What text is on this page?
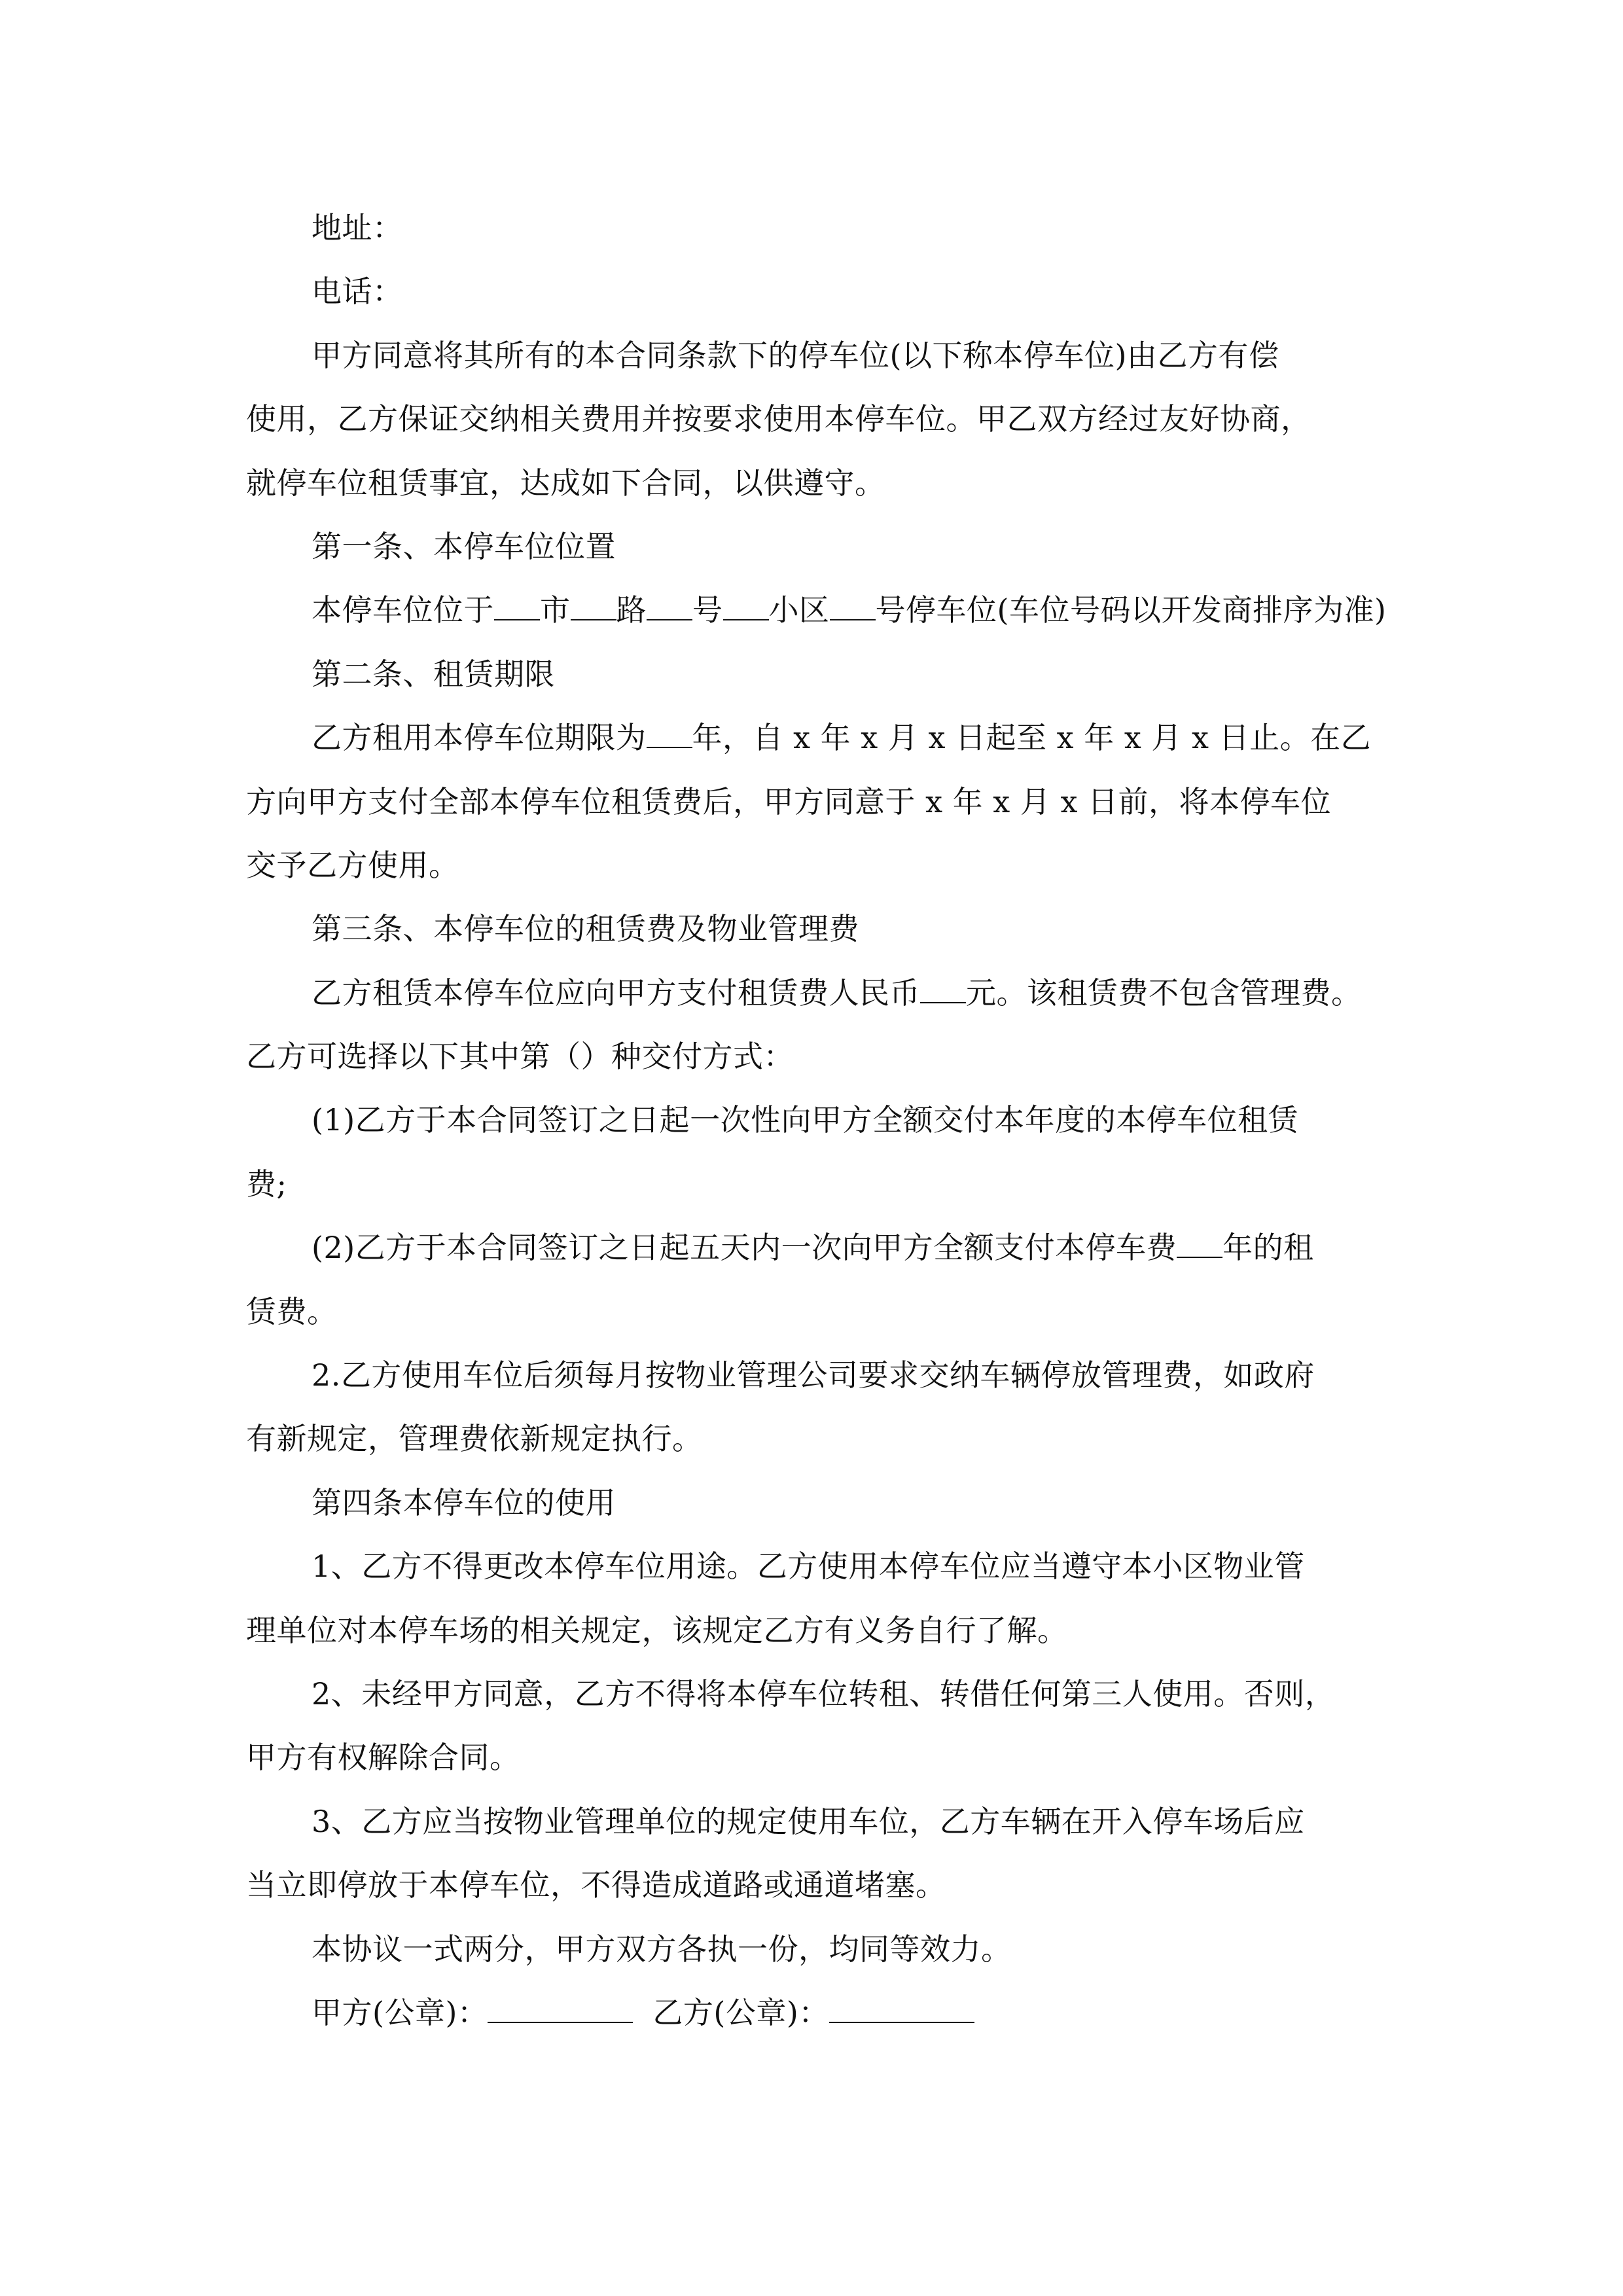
地址：
电话：
甲方同意将其所有的本合同条款下的停车位(以下称本停车位)由乙方有偿
使用，乙方保证交纳相关费用并按要求使用本停车位。甲乙双方经过友好协商，
就停车位租赁事宜，达成如下合同，以供遵守。
第一条、本停车位位置
本停车位位于 市 路 号 小区 号停车位(车位号码以开发商排序为准)
第二条、租赁期限
乙方租用本停车位期限为 年，自 x 年 x 月 x 日起至 x 年 x 月 x 日止。在乙
方向甲方支付全部本停车位租赁费后，甲方同意于 x 年 x 月 x 日前，将本停车位
交予乙方使用。
第三条、本停车位的租赁费及物业管理费
乙方租赁本停车位应向甲方支付租赁费人民币 元。该租赁费不包含管理费。
乙方可选择以下其中第（）种交付方式：
(1)乙方于本合同签订之日起一次性向甲方全额交付本年度的本停车位租赁
费;
(2)乙方于本合同签订之日起五天内一次向甲方全额支付本停车费 年的租
赁费。
2.乙方使用车位后须每月按物业管理公司要求交纳车辆停放管理费，如政府
有新规定，管理费依新规定执行。
第四条本停车位的使用
1、乙方不得更改本停车位用途。乙方使用本停车位应当遵守本小区物业管
理单位对本停车场的相关规定，该规定乙方有义务自行了解。
2、未经甲方同意，乙方不得将本停车位转租、转借任何第三人使用。否则，
甲方有权解除合同。
3、乙方应当按物业管理单位的规定使用车位，乙方车辆在开入停车场后应
当立即停放于本停车位，不得造成道路或通道堵塞。
本协议一式两分，甲方双方各执一份，均同等效力。
甲方(公章)：	乙方(公章)：
